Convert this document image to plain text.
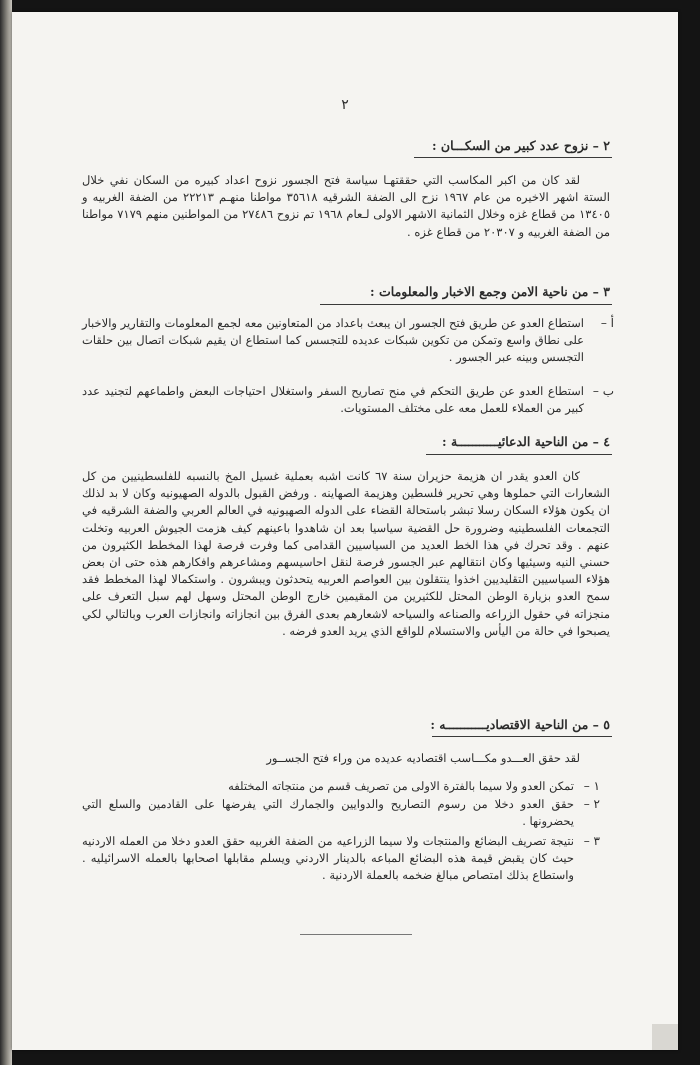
٢
٢ – نزوح عدد كبير من السكـــان :

لقد كان من اكبر المكاسب التي حققتهـا سياسة فتح الجسور نزوح اعداد كبيره من السكان نفي خلال الستة اشهر الاخيره من عام ١٩٦٧ نزح الى الضفة الشرقيه ٣٥٦١٨ مواطنا منهـم ٢٢٢١٣ من الضفة الغربيه و ١٣٤٠٥ من قطاع غزه وخلال الثمانية الاشهر الاولى لـعام ١٩٦٨ تم نزوح ٢٧٤٨٦ من المواطنين منهم ٧١٧٩ مواطنا من الضفة الغربيه و ٢٠٣٠٧ من قطاع غزه .

٣ – من ناحية الامن وجمع الاخبار والمعلومات :
أ –

استطاع العدو عن طريق فتح الجسور ان يبعث باعداد من المتعاونين معه لجمع المعلومات والتقارير والاخبار على نطاق واسع وتمكن من تكوين شبكات عديده للتجسس كما استطاع ان يقيم شبكات اتصال بين حلقات التجسس وبينه عبر الجسور .

ب –

استطاع العدو عن طريق التحكم في منح تصاريح السفر واستغلال احتياجات البعض واطماعهم لتجنيد عدد كبير من العملاء للعمل معه على مختلف المستويات.

٤ – من الناحية الدعائيـــــــــــة :

كان العدو يقدر ان هزيمة حزيران سنة ٦٧ كانت اشبه بعملية غسيل المخ بالنسبه للفلسطينيين من كل الشعارات التي حملوها وهي تحرير فلسطين وهزيمة الصهاينه . ورفض القبول بالدوله الصهيونيه وكان لا بد لذلك ان يكون هؤلاء السكان رسلا تبشر باستحالة القضاء على الدوله الصهيونيه في العالم العربي والضفة الشرقيه في التجمعات الفلسطينيه وضرورة حل القضية سياسيا بعد ان شاهدوا باعينهم كيف هزمت الجيوش العربيه وتخلت عنهم . وقد تحرك في هذا الخط العديد من السياسيين القدامى كما وفرت فرصة لهذا المخطط الكثيرون من حسني النيه وسيئيها وكان انتقالهم عبر الجسور فرصة لنقل احاسيسهم ومشاعرهم وافكارهم هذه حتى ان بعض هؤلاء السياسيين التقليديين اخذوا ينتقلون بين العواصم العربيه يتحدثون ويبشرون . واستكمالا لهذا المخطط فقد سمح العدو بزيارة الوطن المحتل للكثيرين من المقيمين خارج الوطن المحتل وسهل لهم سبل التعرف على منجزاته في حقول الزراعه والصناعه والسياحه لاشعارهم بعدى الفرق بين انجازاته وانجازات العرب وبالتالي لكي يصبحوا في حالة من اليأس والاستسلام للواقع الذي يريد العدو فرضه .

٥ – من الناحية الاقتصاديـــــــــــه :

لقد حقق العـــدو مكـــاسب اقتصاديه عديده من وراء فتح الجســور

١ –

تمكن العدو ولا سيما بالفترة الاولى من تصريف قسم من منتجاته المختلفه

٢ –

حقق العدو دخلا من رسوم التصاريح والدوايين والجمارك التي يفرضها على القادمين والسلع التي يحضرونها .

٣ –

نتيجة تصريف البضائع والمنتجات ولا سيما الزراعيه من الضفة الغربيه حقق العدو دخلا من العمله الاردنيه حيث كان يقبض قيمة هذه البضائع المباعه بالدينار الاردني ويسلم مقابلها اصحابها بالعمله الاسرائيليه . واستطاع بذلك امتصاص مبالغ ضخمه بالعملة الاردنية .
